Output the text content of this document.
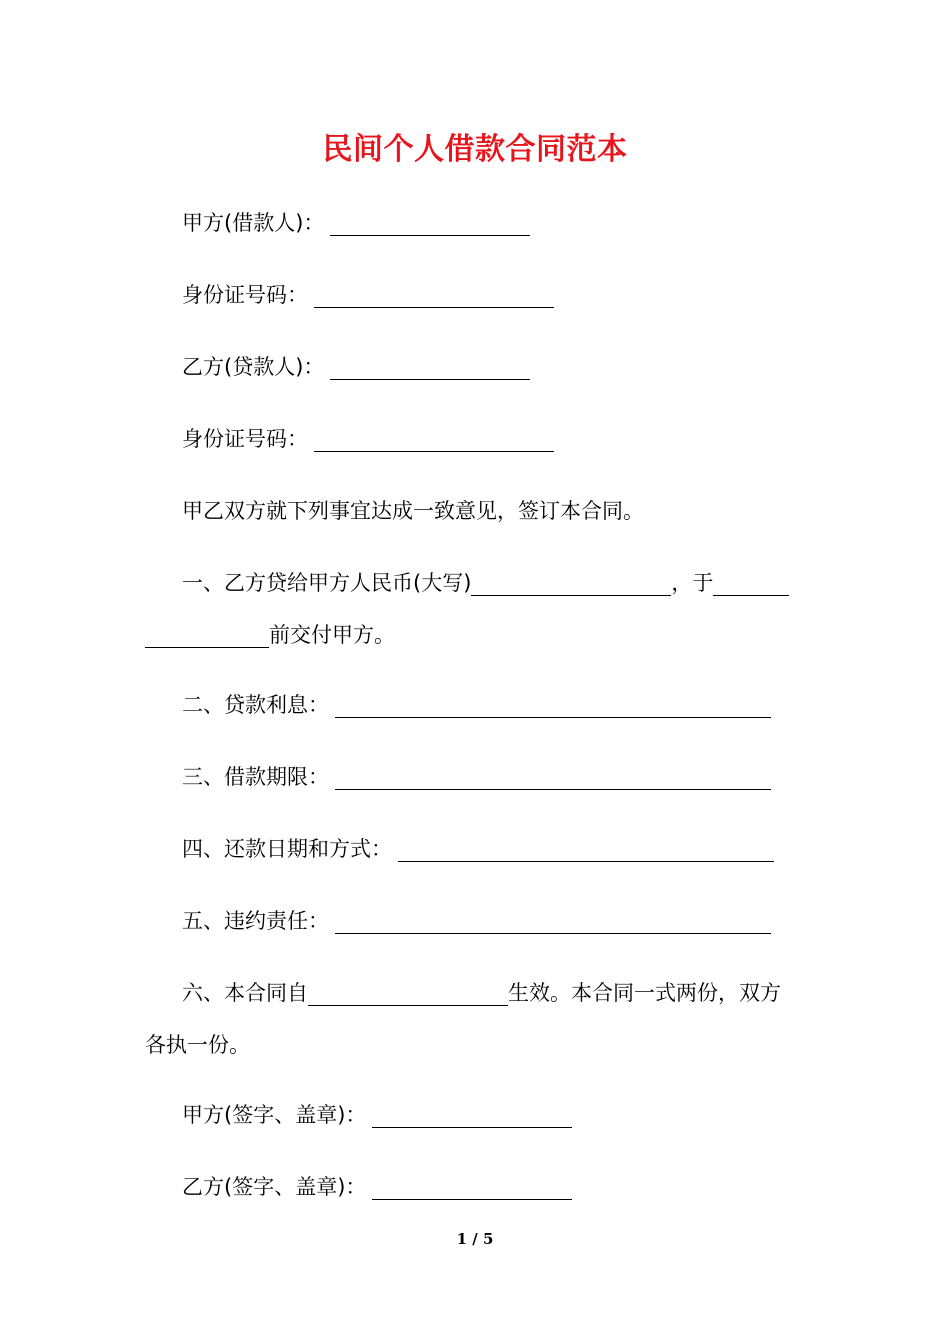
民间个人借款合同范本
甲方(借款人)：
身份证号码：
乙方(贷款人)：
身份证号码：
甲乙双方就下列事宜达成一致意见，签订本合同。
一、乙方贷给甲方人民币(大写)	，于
前交付甲方。
二、贷款利息：
三、借款期限：
四、还款日期和方式：
五、违约责任：
六、本合同自	生效。本合同一式两份，双方
各执一份。
甲方(签字、盖章)：
乙方(签字、盖章)：
1 / 5
